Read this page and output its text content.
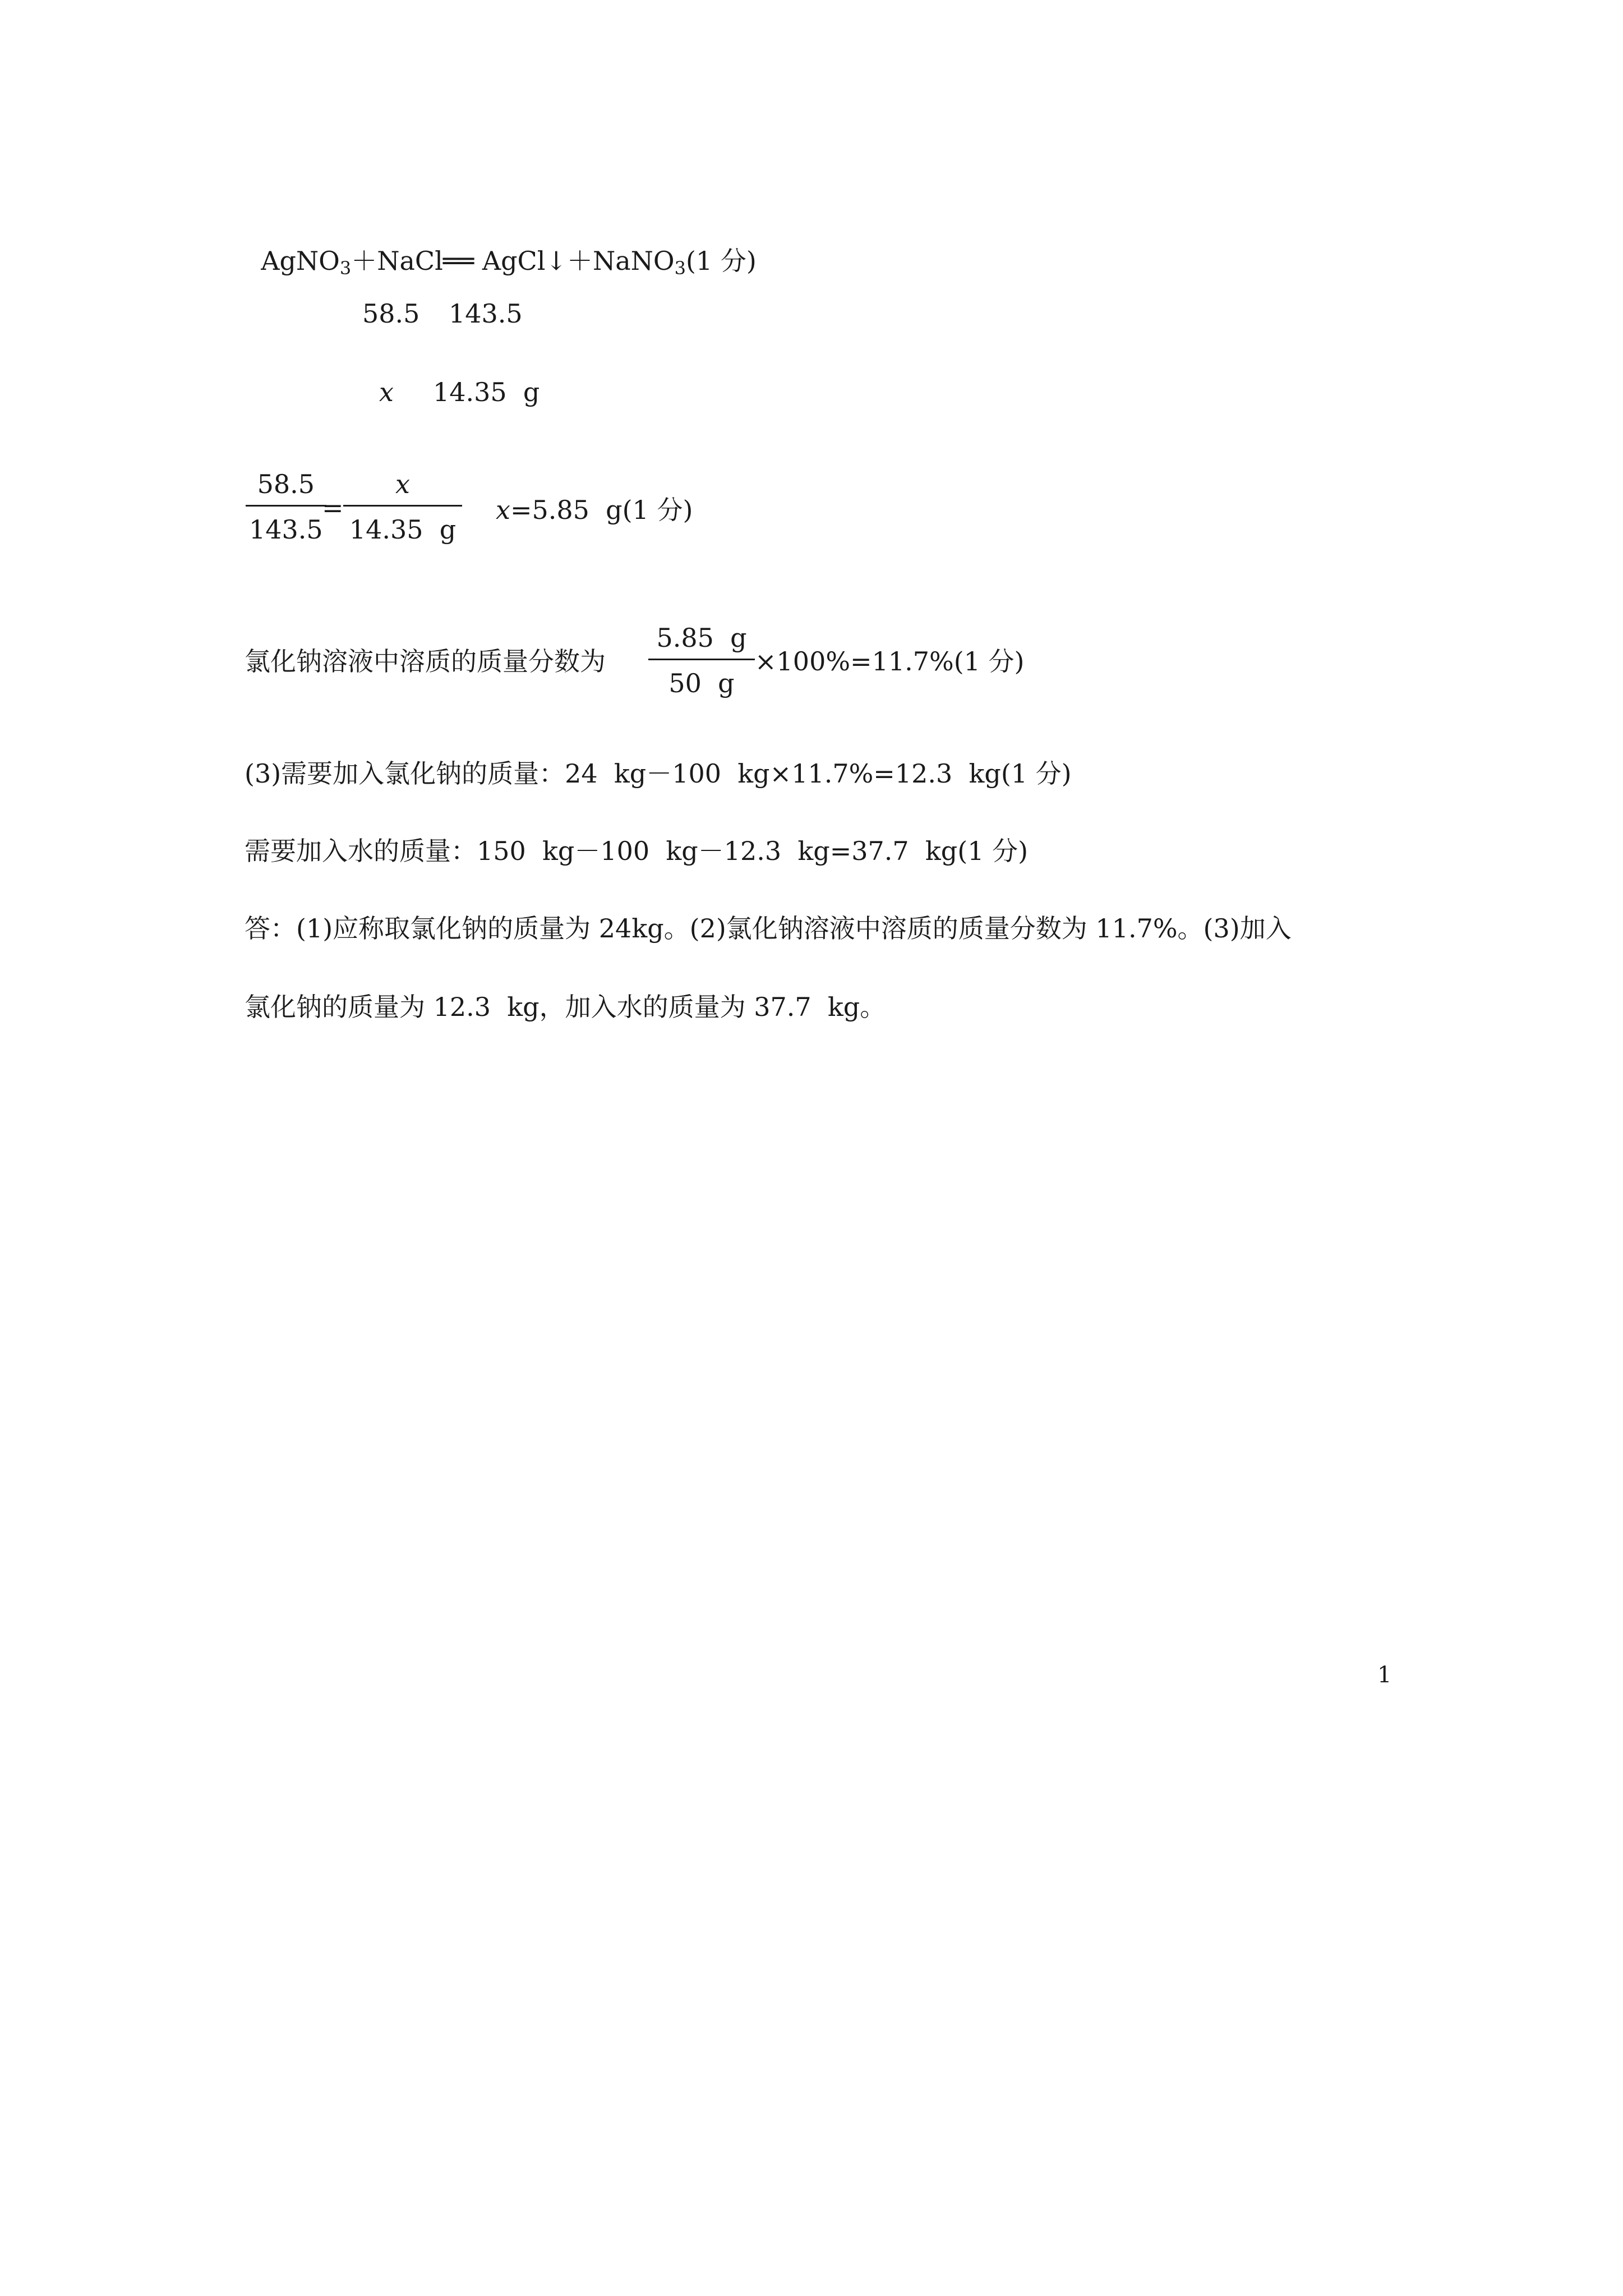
AgNO$_3$＋NaCl══ AgCl↓＋NaNO$_3$(1 分)

58.5 143.5
x 14.35  g
58.5
143.5
=
x
14.35  g
x=5.85  g(1 分)
氯化钠溶液中溶质的质量分数为
5.85  g
50  g
×100%=11.7%(1 分)
(3)需要加入氯化钠的质量：24  kg－100  kg×11.7%=12.3  kg(1 分)
需要加入水的质量：150  kg－100  kg－12.3  kg=37.7  kg(1 分)
答：(1)应称取氯化钠的质量为 24kg。(2)氯化钠溶液中溶质的质量分数为 11.7%。(3)加入
氯化钠的质量为 12.3  kg，加入水的质量为 37.7  kg。
1
